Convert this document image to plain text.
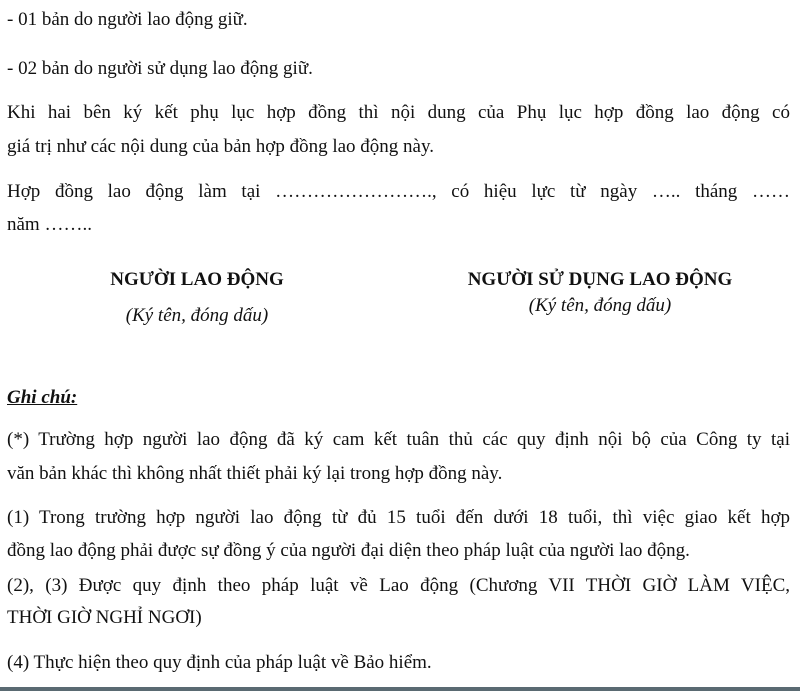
- 01 bản do người lao động giữ.
- 02 bản do người sử dụng lao động giữ.
Khi hai bên ký kết phụ lục hợp đồng thì nội dung của Phụ lục hợp đồng lao động có
giá trị như các nội dung của bản hợp đồng lao động này.
Hợp đồng lao động làm tại ……………………., có hiệu lực từ ngày ….. tháng ……
năm ……..
NGƯỜI LAO ĐỘNG
(Ký tên, đóng dấu)
NGƯỜI SỬ DỤNG LAO ĐỘNG
(Ký tên, đóng dấu)
Ghi chú:
(*) Trường hợp người lao động đã ký cam kết tuân thủ các quy định nội bộ của Công ty tại
văn bản khác thì không nhất thiết phải ký lại trong hợp đồng này.
(1) Trong trường hợp người lao động từ đủ 15 tuổi đến dưới 18 tuổi, thì việc giao kết hợp
đồng lao động phải được sự đồng ý của người đại diện theo pháp luật của người lao động.
(2), (3) Được quy định theo pháp luật về Lao động (Chương VII THỜI GIỜ LÀM VIỆC,
THỜI GIỜ NGHỈ NGƠI)
(4) Thực hiện theo quy định của pháp luật về Bảo hiểm.
